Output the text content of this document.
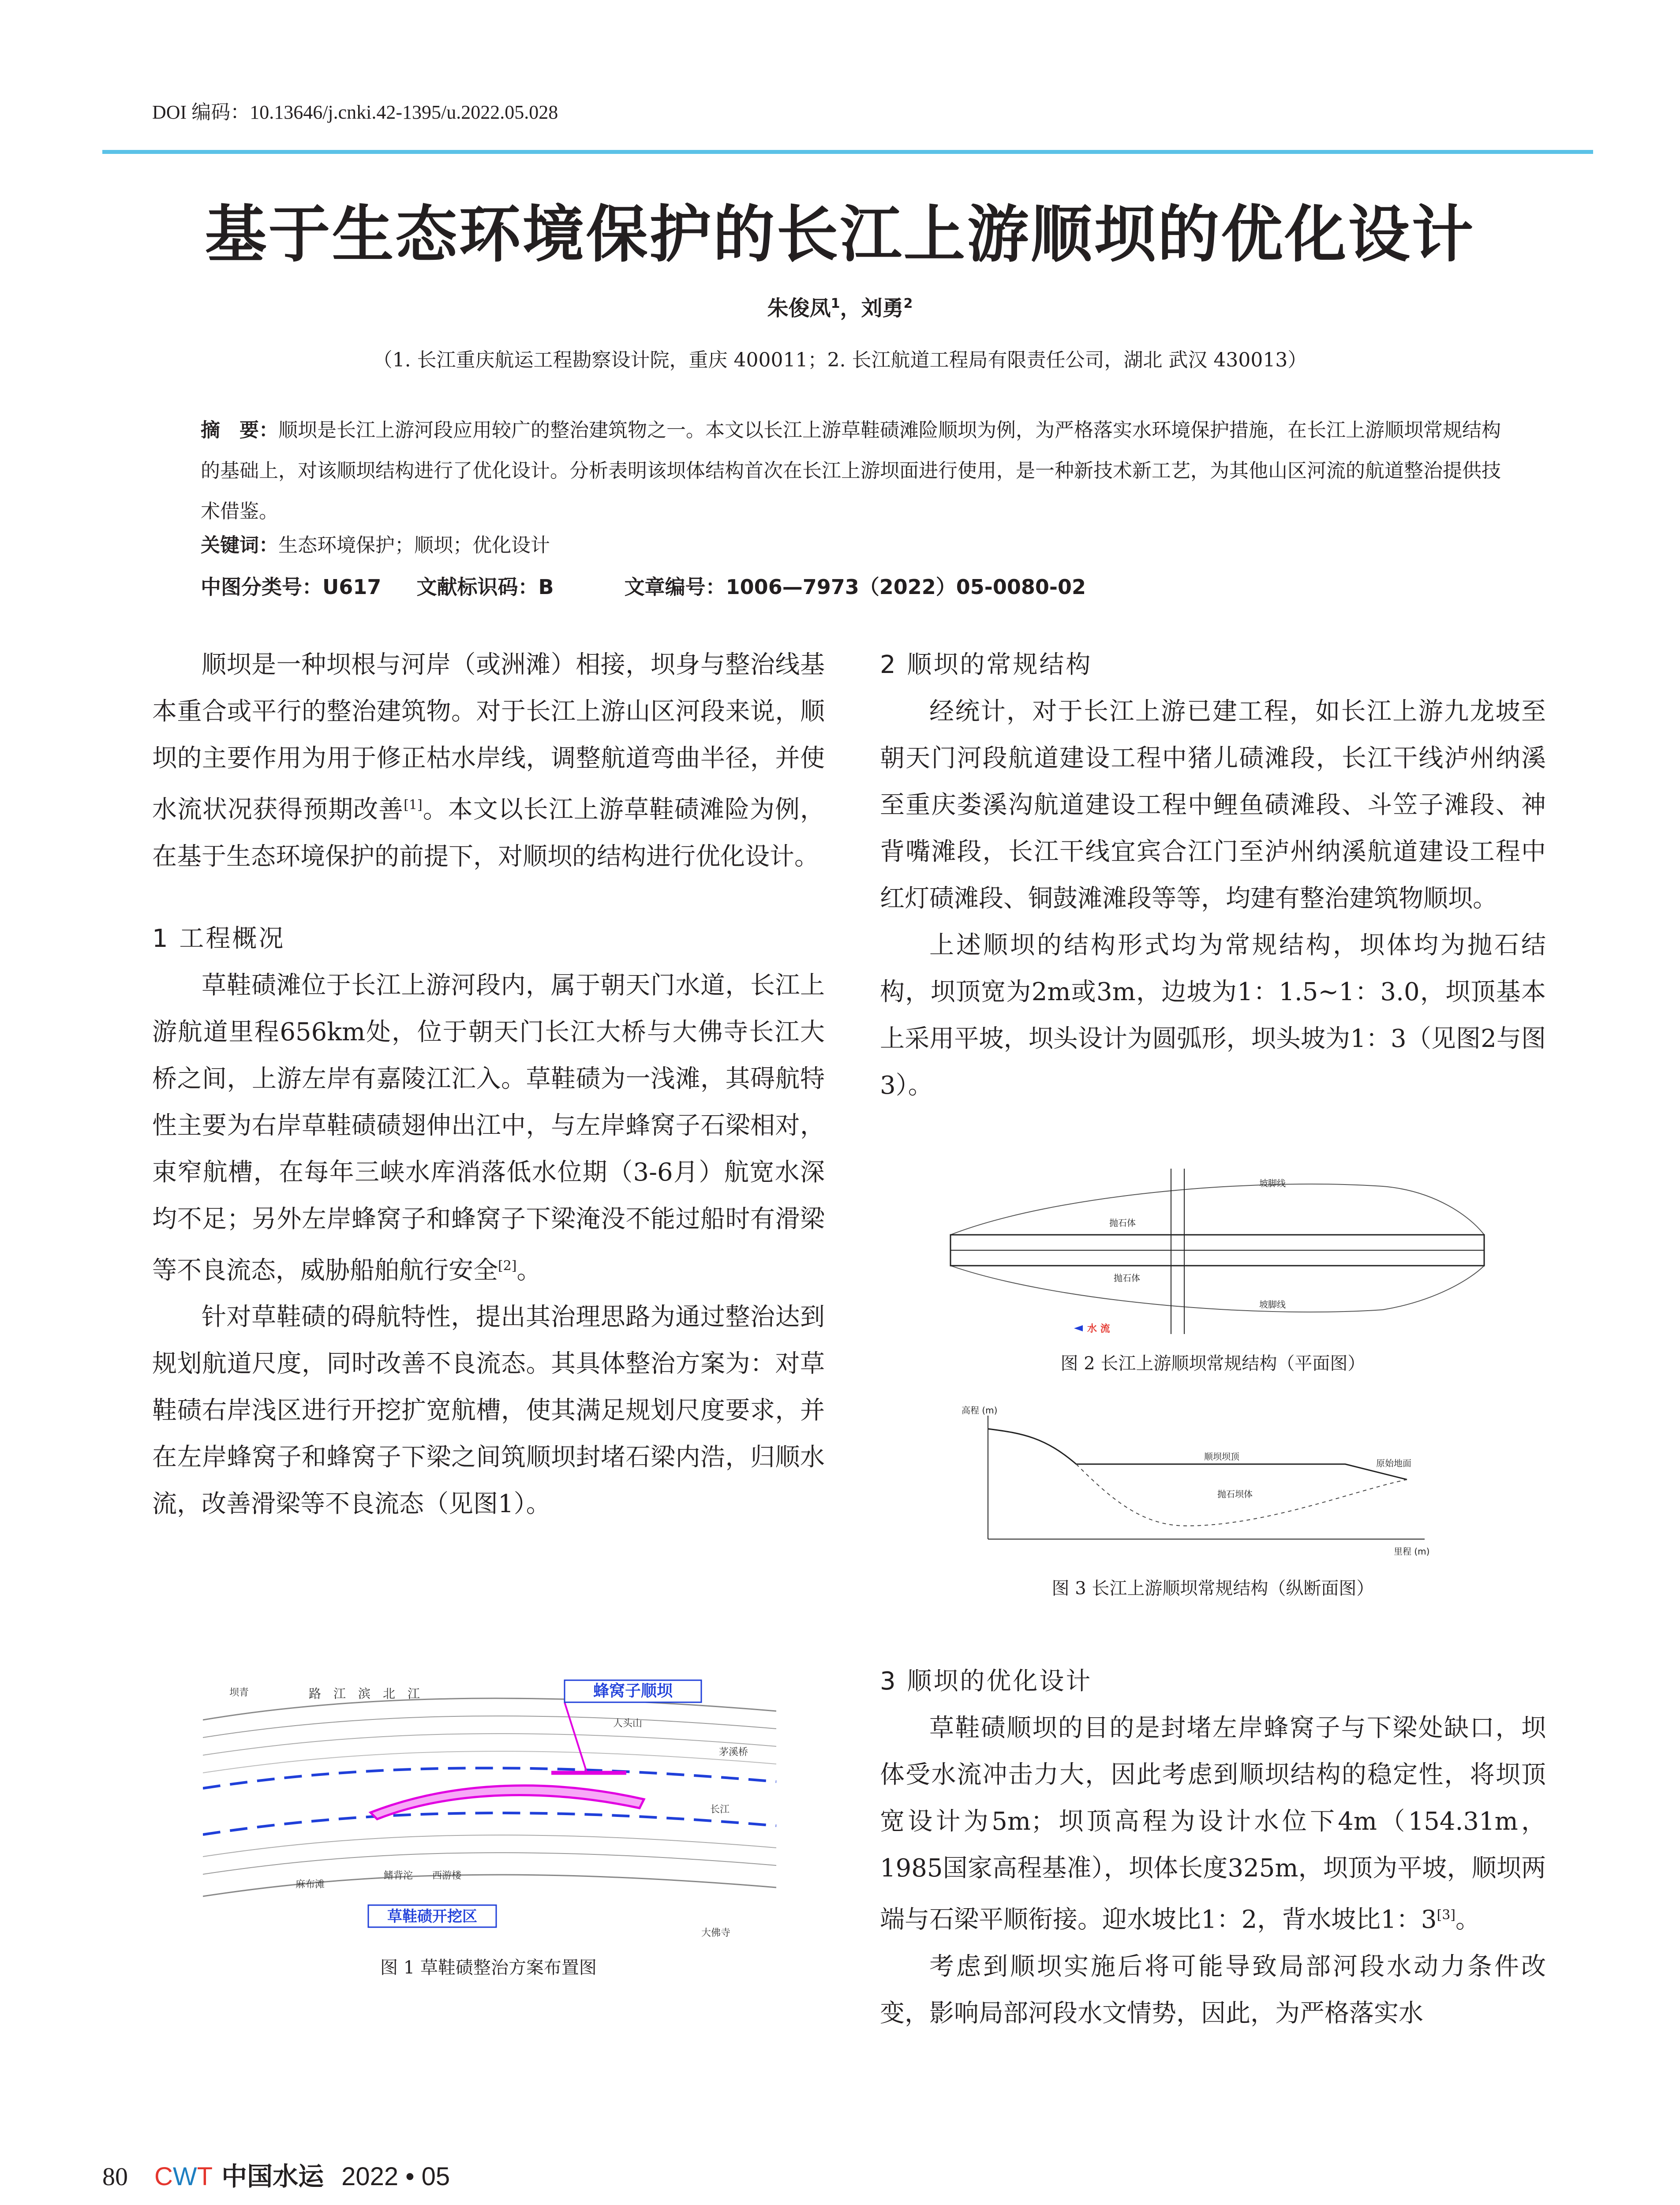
DOI 编码：10.13646/j.cnki.42-1395/u.2022.05.028
基于生态环境保护的长江上游顺坝的优化设计
朱俊凤$^1$，刘勇$^2$
（1. 长江重庆航运工程勘察设计院，重庆 400011；2. 长江航道工程局有限责任公司，湖北 武汉 430013）
摘　要：顺坝是长江上游河段应用较广的整治建筑物之一。本文以长江上游草鞋碛滩险顺坝为例，为严格落实水环境保护措施，在长江上游顺坝常规结构的基础上，对该顺坝结构进行了优化设计。分析表明该坝体结构首次在长江上游坝面进行使用，是一种新技术新工艺，为其他山区河流的航道整治提供技术借鉴。
关键词：生态环境保护；顺坝；优化设计
中图分类号：U617 文献标识码：B	文章编号：1006—7973（2022）05-0080-02

顺坝是一种坝根与河岸（或洲滩）相接，坝身与整治线基本重合或平行的整治建筑物。对于长江上游山区河段来说，顺坝的主要作用为用于修正枯水岸线，调整航道弯曲半径，并使水流状况获得预期改善[1]。本文以长江上游草鞋碛滩险为例，在基于生态环境保护的前提下，对顺坝的结构进行优化设计。

1 工程概况

草鞋碛滩位于长江上游河段内，属于朝天门水道，长江上游航道里程656km处，位于朝天门长江大桥与大佛寺长江大桥之间，上游左岸有嘉陵江汇入。草鞋碛为一浅滩，其碍航特性主要为右岸草鞋碛碛翅伸出江中，与左岸蜂窝子石梁相对，束窄航槽，在每年三峡水库消落低水位期（3-6月）航宽水深均不足；另外左岸蜂窝子和蜂窝子下梁淹没不能过船时有滑梁等不良流态，威胁船舶航行安全[2]。

针对草鞋碛的碍航特性，提出其治理思路为通过整治达到规划航道尺度，同时改善不良流态。其具体整治方案为：对草鞋碛右岸浅区进行开挖扩宽航槽，使其满足规划尺度要求，并在左岸蜂窝子和蜂窝子下梁之间筑顺坝封堵石梁内浩，归顺水流，改善滑梁等不良流态（见图1）。

蜂窝子顺坝
草鞋碛开挖区
路　江　滨　北　江
人头山
茅溪桥
长江
麻布滩
西游楼
大佛寺
鳍背沱
坝青
图 1 草鞋碛整治方案布置图
2 顺坝的常规结构

经统计，对于长江上游已建工程，如长江上游九龙坡至朝天门河段航道建设工程中猪儿碛滩段，长江干线泸州纳溪至重庆娄溪沟航道建设工程中鲤鱼碛滩段、斗笠子滩段、神背嘴滩段，长江干线宜宾合江门至泸州纳溪航道建设工程中红灯碛滩段、铜鼓滩滩段等等，均建有整治建筑物顺坝。

上述顺坝的结构形式均为常规结构，坝体均为抛石结构，坝顶宽为2m或3m，边坡为1：1.5~1：3.0，坝顶基本上采用平坡，坝头设计为圆弧形，坝头坡为1：3（见图2与图3）。

坡脚线
抛石体
抛石体
坡脚线
水 流
图 2 长江上游顺坝常规结构（平面图）
高程 (m)
顺坝坝顶
抛石坝体
原始地面
里程 (m)
图 3 长江上游顺坝常规结构（纵断面图）
3 顺坝的优化设计

草鞋碛顺坝的目的是封堵左岸蜂窝子与下梁处缺口，坝体受水流冲击力大，因此考虑到顺坝结构的稳定性，将坝顶宽设计为5m；坝顶高程为设计水位下4m（154.31m，1985国家高程基准），坝体长度325m，坝顶为平坡，顺坝两端与石梁平顺衔接。迎水坡比1：2，背水坡比1：3[3]。

考虑到顺坝实施后将可能导致局部河段水动力条件改变，影响局部河段水文情势，因此，为严格落实水

80 CWT 中国水运 2022 • 05
